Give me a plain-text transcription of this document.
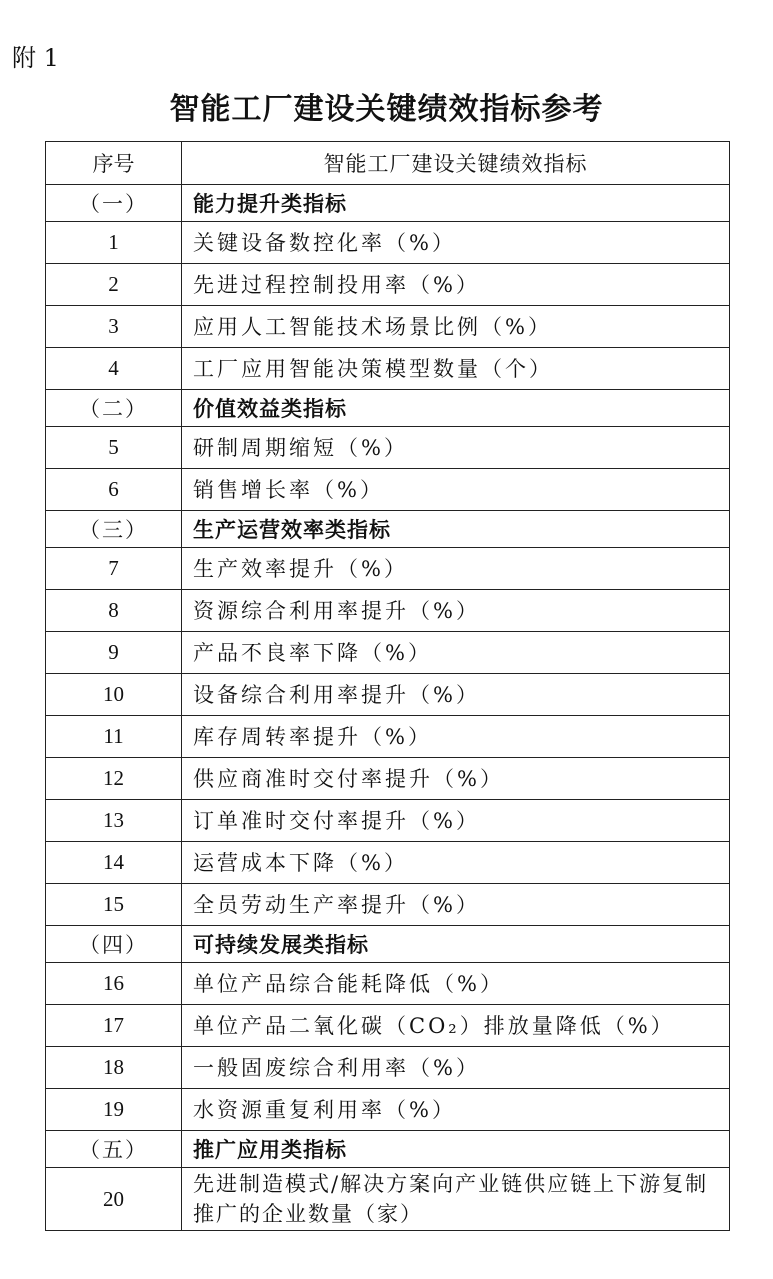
附 1
智能工厂建设关键绩效指标参考
序号	智能工厂建设关键绩效指标
（一）	能力提升类指标
1	关键设备数控化率（%）
2	先进过程控制投用率（%）
3	应用人工智能技术场景比例（%）
4	工厂应用智能决策模型数量（个）
（二）	价值效益类指标
5	研制周期缩短（%）
6	销售增长率（%）
（三）	生产运营效率类指标
7	生产效率提升（%）
8	资源综合利用率提升（%）
9	产品不良率下降（%）
10	设备综合利用率提升（%）
11	库存周转率提升（%）
12	供应商准时交付率提升（%）
13	订单准时交付率提升（%）
14	运营成本下降（%）
15	全员劳动生产率提升（%）
（四）	可持续发展类指标
16	单位产品综合能耗降低（%）
17	单位产品二氧化碳（CO₂）排放量降低（%）
18	一般固废综合利用率（%）
19	水资源重复利用率（%）
（五）	推广应用类指标
20	先进制造模式/解决方案向产业链供应链上下游复制推广的企业数量（家）
